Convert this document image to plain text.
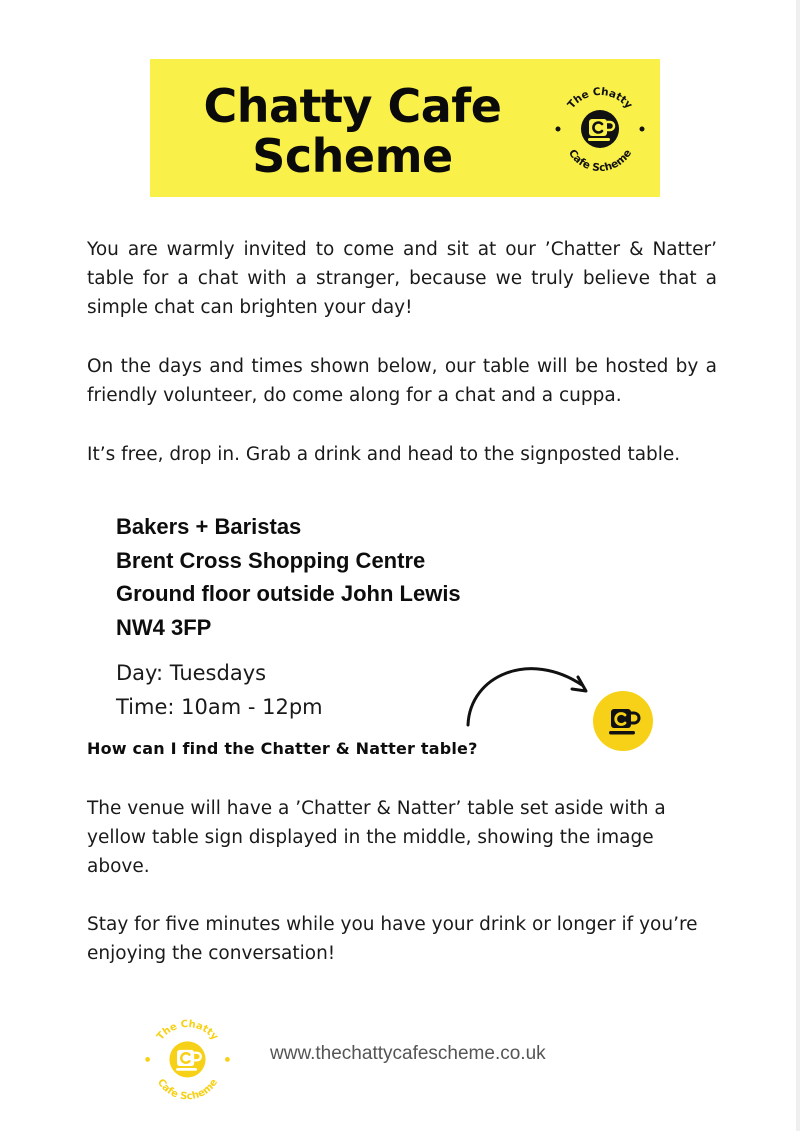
Chatty Cafe
Scheme
The Chatty
Cafe Scheme
You are warmly invited to come and sit at our ’Chatter & Natter’ table for a chat with a stranger, because we truly believe that a simple chat can brighten your day!
On the days and times shown below, our table will be hosted by a friendly volunteer, do come along for a chat and a cuppa.
It’s free, drop in. Grab a drink and head to the signposted table.
Bakers + Baristas
Brent Cross Shopping Centre
Ground floor outside John Lewis
NW4 3FP
Day: Tuesdays
Time: 10am - 12pm
How can I find the Chatter & Natter table?
The venue will have a ’Chatter & Natter’ table set aside with a yellow table sign displayed in the middle, showing the image above.
Stay for five minutes while you have your drink or longer if you’re enjoying the conversation!
The Chatty
Cafe Scheme
www.thechattycafescheme.co.uk
